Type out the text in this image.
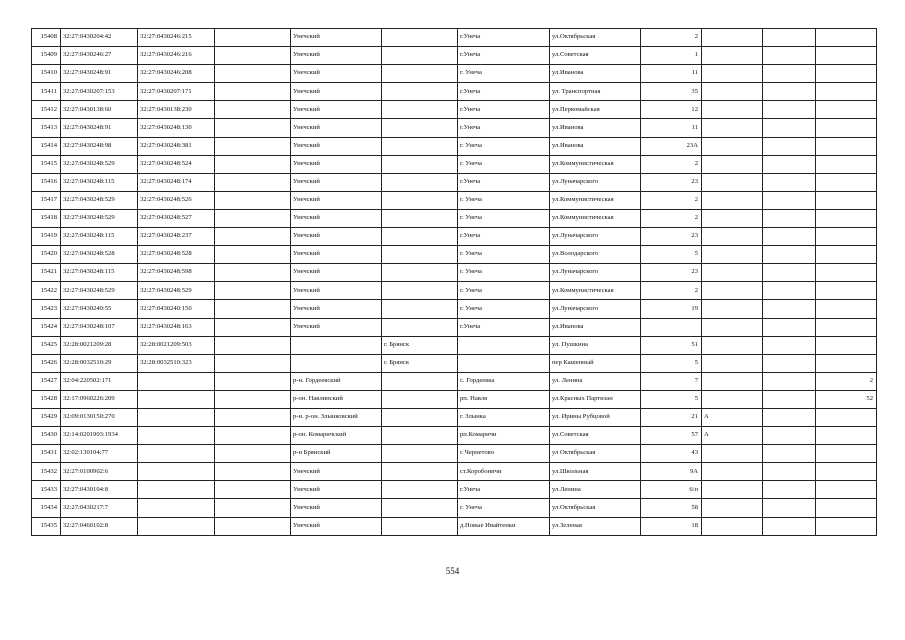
15408	32:27:0430204:42	32:27:0430246:215		Унечский		г.Унеча	ул.Октябрьская	2			
15409	32:27:0430246:27	32:27:0430246:216		Унечский		г.Унеча	ул.Советская	1			
15410	32:27:0430248:91	32:27:0430246:208		Унечский		г. Унеча	ул.Иванова	11			
15411	32:27:0430207:153	32:27:0430207:171		Унечский		г.Унеча	ул. Транспортная	35			
15412	32:27:0430138:60	32:27:0430138:230		Унечский		г.Унеча	ул.Первомайская	12			
15413	32:27:0430248:91	32:27:0430248:130		Унечский		г.Унеча	ул.Иванова	11			
15414	32:27:0430248:98	32:27:0430248:381		Унечский		г. Унеча	ул.Иванова	23А			
15415	32:27:0430248:529	32:27:0430248:524		Унечский		г. Унеча	ул.Коммунистическая	2			
15416	32:27:0430248:115	32:27:0430248:174		Унечский		г.Унеча	ул.Луначарского	23			
15417	32:27:0430248:529	32:27:0430248:526		Унечский		г. Унеча	ул.Коммунистическая	2			
15418	32:27:0430248:529	32:27:0430248:527		Унечский		г. Унеча	ул.Коммунистическая	2			
15419	32:27:0430248:115	32:27:0430248:237		Унечский		г.Унеча	ул.Луначарского	23			
15420	32:27:0430248:528	32:27:0430248:528		Унечский		г. Унеча	ул.Володарского	5			
15421	32:27:0430248:115	32:27:0430248:598		Унечский		г. Унеча	ул.Луначарского	23			
15422	32:27:0430248:529	32:27:0430248:529		Унечский		г. Унеча	ул.Коммунистическая	2			
15423	32:27:0430240:55	32:27:0430240:150		Унечский		г. Унеча	ул.Луначарского	19			
15424	32:27:0430248:107	32:27:0430248:163		Унечский		г.Унеча	ул.Иванова				
15425	32:28:0021209:28	32:28:0021209:503			г. Брянск		ул. Пушкина	51			
15426	32:28:0032510:29	32:28:0032510:323			г. Брянск		пер Кашенный	5			
15427	32:04:220502:171			р-н. Гордеевский		с. Гордеевка	ул. Ленина	7			2
15428	32:17:0960226:209			р-он. Навлинский		рп. Навля	ул.Красных Партизан	5			52
15429	32:09:0130150:270			р-н. р-он. Злынковский		г. Злынка	ул. Ирины Рубцовой	21	А		
15430	32:14:0201903:1934			р-он. Комаричский		рп.Комаричи	ул.Советская	57	А		
15431	32:02:130104:77			р-н Брянский		с Чернетово	ул Октябрьская	43			
15432	32:27:0100902:6			Унечский		ст.Коробоничи	ул.Школьная	9А			
15433	32:27:0430104:8			Унечский		г.Унеча	ул.Ленина	6/п			
15434	32:27:0430217:7			Унечский		г. Унеча	ул.Октябрьская	58			
15435	32:27:0460102:8			Унечский		д.Новые Ивайтенки	ул.Зеленая	18			
554
